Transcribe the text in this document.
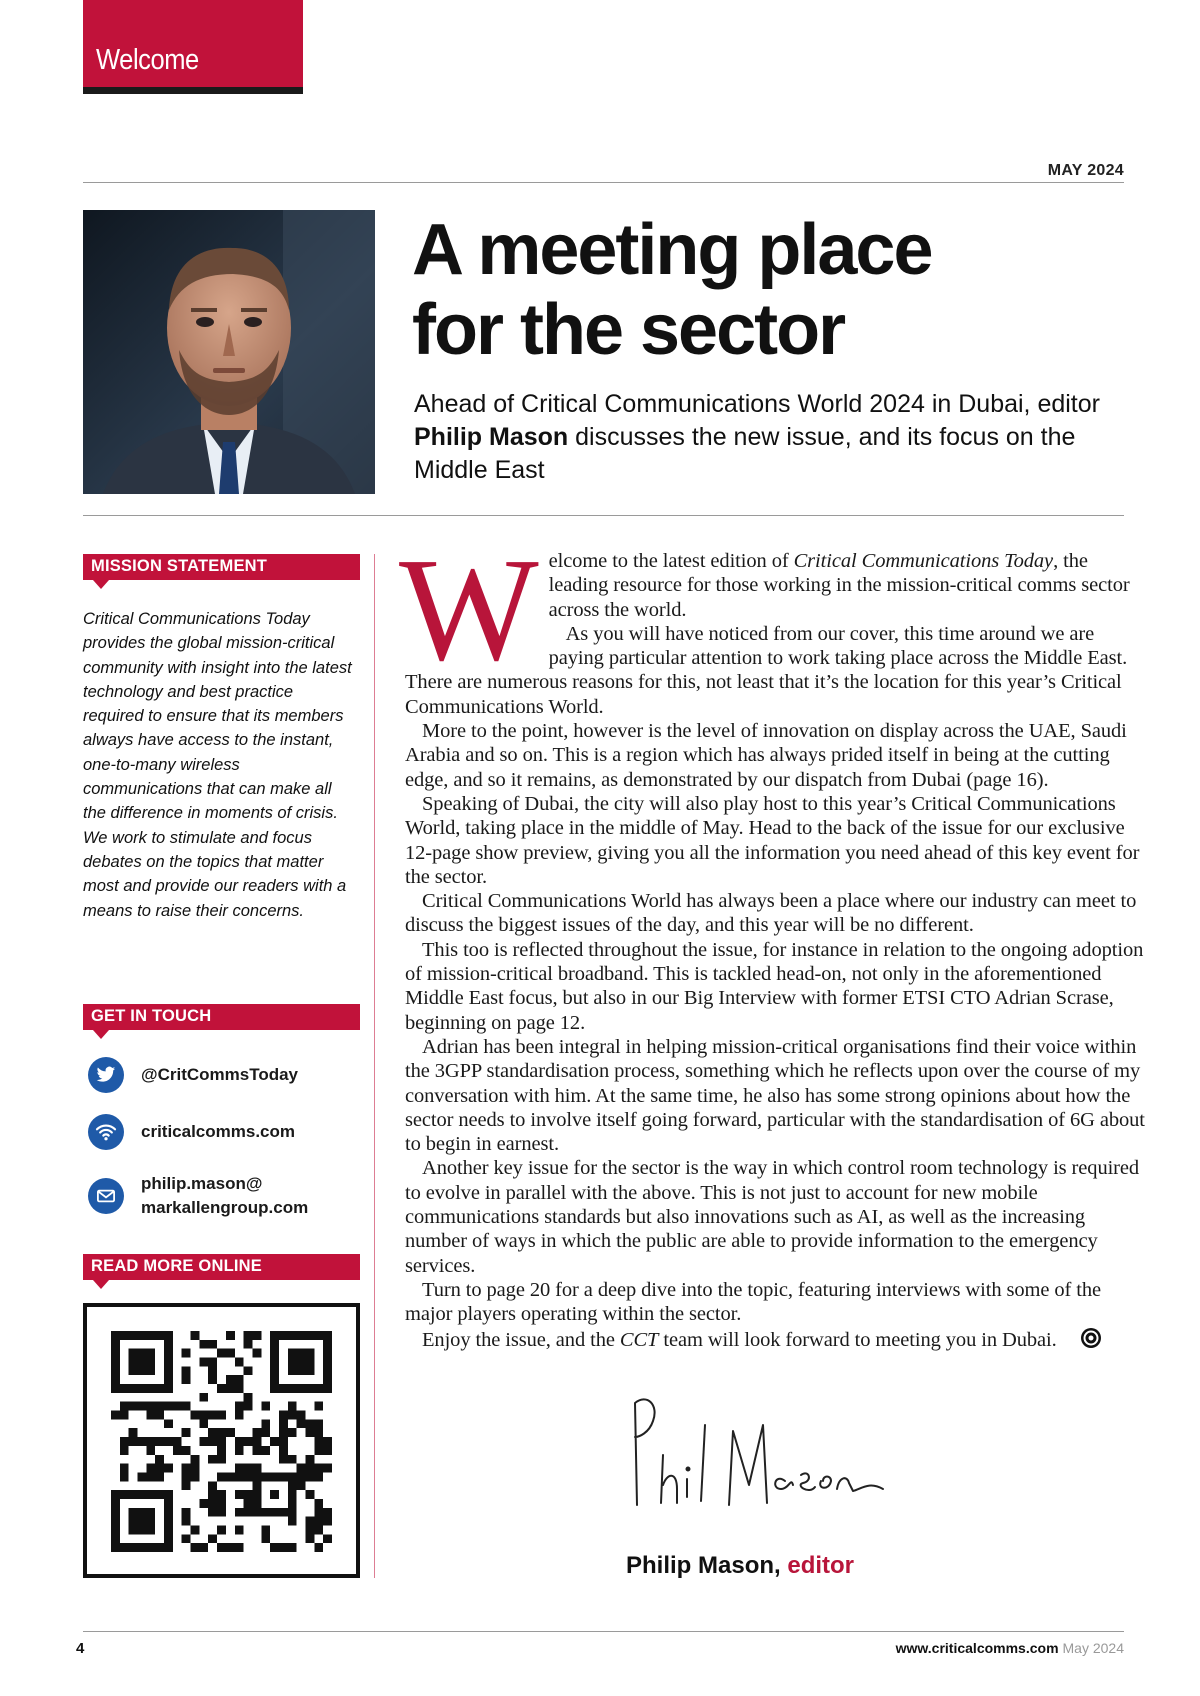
Welcome
MAY 2024
A meeting place
for the sector
Ahead of Critical Communications World 2024 in Dubai, editor Philip Mason discusses the new issue, and its focus on the Middle East
MISSION STATEMENT

Critical Communications Today provides the global mission-critical community with insight into the latest technology and best practice required to ensure that its members always have access to the instant, one-to-many wireless communications that can make all the difference in moments of crisis. We work to stimulate and focus debates on the topics that matter most and provide our readers with a means to raise their concerns.

GET IN TOUCH
@CritCommsToday
criticalcomms.com
philip.mason@
markallengroup.com
READ MORE ONLINE
W elcome to the latest edition of Critical Communications Today, the leading resource for those working in the mission-critical comms sector across the world.

As you will have noticed from our cover, this time around we are paying particular attention to work taking place across the Middle East. There are numerous reasons for this, not least that it’s the location for this year’s Critical Communications World.

More to the point, however is the level of innovation on display across the UAE, Saudi Arabia and so on. This is a region which has always prided itself in being at the cutting edge, and so it remains, as demonstrated by our dispatch from Dubai (page 16).

Speaking of Dubai, the city will also play host to this year’s Critical Communications World, taking place in the middle of May. Head to the back of the issue for our exclusive 12-page show preview, giving you all the information you need ahead of this key event for the sector.

Critical Communications World has always been a place where our industry can meet to discuss the biggest issues of the day, and this year will be no different.

This too is reflected throughout the issue, for instance in relation to the ongoing adoption of mission-critical broadband. This is tackled head-on, not only in the aforementioned Middle East focus, but also in our Big Interview with former ETSI CTO Adrian Scrase, beginning on page 12.

Adrian has been integral in helping mission-critical organisations find their voice within the 3GPP standardisation process, something which he reflects upon over the course of my conversation with him. At the same time, he also has some strong opinions about how the sector needs to involve itself going forward, particular with the standardisation of 6G about to begin in earnest.

Another key issue for the sector is the way in which control room technology is required to evolve in parallel with the above. This is not just to account for new mobile communications standards but also innovations such as AI, as well as the increasing number of ways in which the public are able to provide information to the emergency services.

Turn to page 20 for a deep dive into the topic, featuring interviews with some of the major players operating within the sector.

Enjoy the issue, and the CCT team will look forward to meeting you in Dubai.

Philip Mason, editor
4	www.criticalcomms.com May 2024
